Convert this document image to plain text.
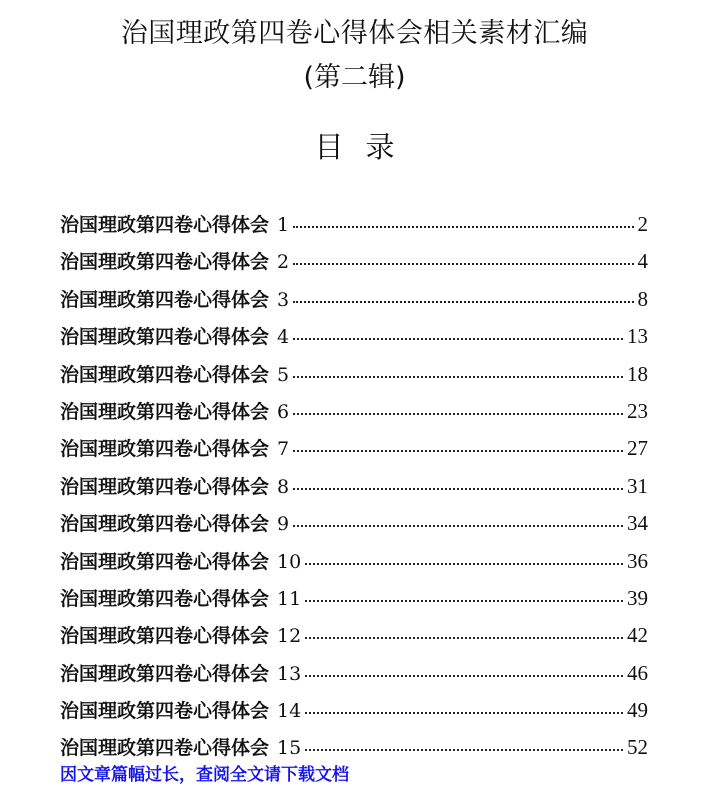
治国理政第四卷心得体会相关素材汇编
(第二辑)
目录
治国理政第四卷心得体会 1	2
治国理政第四卷心得体会 2	4
治国理政第四卷心得体会 3	8
治国理政第四卷心得体会 4	13
治国理政第四卷心得体会 5	18
治国理政第四卷心得体会 6	23
治国理政第四卷心得体会 7	27
治国理政第四卷心得体会 8	31
治国理政第四卷心得体会 9	34
治国理政第四卷心得体会 10	36
治国理政第四卷心得体会 11	39
治国理政第四卷心得体会 12	42
治国理政第四卷心得体会 13	46
治国理政第四卷心得体会 14	49
治国理政第四卷心得体会 15	52
因文章篇幅过长，查阅全文请下载文档
